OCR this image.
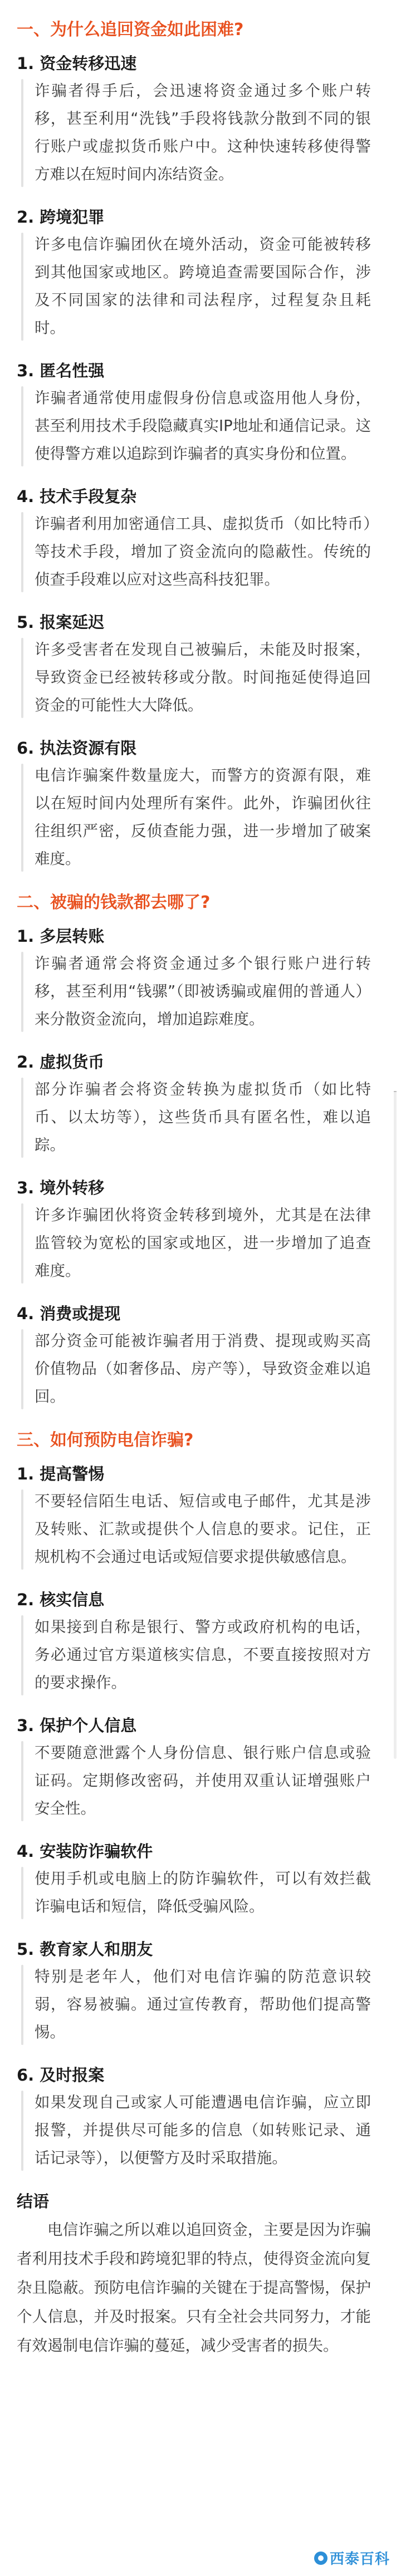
一、为什么追回资金如此困难?
1. 资金转移迅速
诈骗者得手后，会迅速将资金通过多个账户转移，甚至利用“洗钱”手段将钱款分散到不同的银行账户或虚拟货币账户中。这种快速转移使得警方难以在短时间内冻结资金。
2. 跨境犯罪
许多电信诈骗团伙在境外活动，资金可能被转移到其他国家或地区。跨境追查需要国际合作，涉及不同国家的法律和司法程序，过程复杂且耗时。
3. 匿名性强
诈骗者通常使用虚假身份信息或盗用他人身份，甚至利用技术手段隐藏真实IP地址和通信记录。这使得警方难以追踪到诈骗者的真实身份和位置。
4. 技术手段复杂
诈骗者利用加密通信工具、虚拟货币（如比特币）等技术手段，增加了资金流向的隐蔽性。传统的侦查手段难以应对这些高科技犯罪。
5. 报案延迟
许多受害者在发现自己被骗后，未能及时报案，导致资金已经被转移或分散。时间拖延使得追回资金的可能性大大降低。
6. 执法资源有限
电信诈骗案件数量庞大，而警方的资源有限，难以在短时间内处理所有案件。此外，诈骗团伙往往组织严密，反侦查能力强，进一步增加了破案难度。
二、被骗的钱款都去哪了?
1. 多层转账
诈骗者通常会将资金通过多个银行账户进行转移，甚至利用“钱骡”（即被诱骗或雇佣的普通人）来分散资金流向，增加追踪难度。
2. 虚拟货币
部分诈骗者会将资金转换为虚拟货币（如比特币、以太坊等），这些货币具有匿名性，难以追踪。
3. 境外转移
许多诈骗团伙将资金转移到境外，尤其是在法律监管较为宽松的国家或地区，进一步增加了追查难度。
4. 消费或提现
部分资金可能被诈骗者用于消费、提现或购买高价值物品（如奢侈品、房产等），导致资金难以追回。
三、如何预防电信诈骗?
1. 提高警惕
不要轻信陌生电话、短信或电子邮件，尤其是涉及转账、汇款或提供个人信息的要求。记住，正规机构不会通过电话或短信要求提供敏感信息。
2. 核实信息
如果接到自称是银行、警方或政府机构的电话，务必通过官方渠道核实信息，不要直接按照对方的要求操作。
3. 保护个人信息
不要随意泄露个人身份信息、银行账户信息或验证码。定期修改密码，并使用双重认证增强账户安全性。
4. 安装防诈骗软件
使用手机或电脑上的防诈骗软件，可以有效拦截诈骗电话和短信，降低受骗风险。
5. 教育家人和朋友
特别是老年人，他们对电信诈骗的防范意识较弱，容易被骗。通过宣传教育，帮助他们提高警惕。
6. 及时报案
如果发现自己或家人可能遭遇电信诈骗，应立即报警，并提供尽可能多的信息（如转账记录、通话记录等），以便警方及时采取措施。
结语
电信诈骗之所以难以追回资金，主要是因为诈骗者利用技术手段和跨境犯罪的特点，使得资金流向复杂且隐蔽。预防电信诈骗的关键在于提高警惕，保护个人信息，并及时报案。只有全社会共同努力，才能有效遏制电信诈骗的蔓延，减少受害者的损失。
西泰百科
